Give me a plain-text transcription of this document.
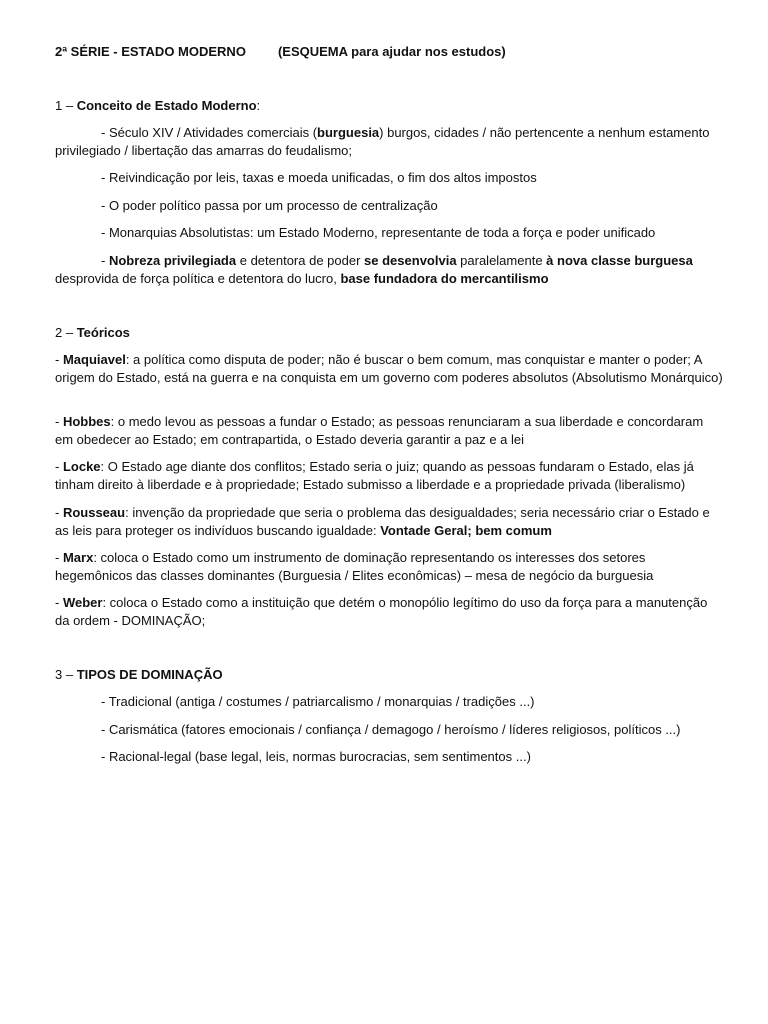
2ª SÉRIE - ESTADO MODERNO (ESQUEMA para ajudar nos estudos)

1 – Conceito de Estado Moderno:

- Século XIV / Atividades comerciais (burguesia) burgos, cidades / não pertencente a nenhum estamento privilegiado / libertação das amarras do feudalismo;

- Reivindicação por leis, taxas e moeda unificadas, o fim dos altos impostos

- O poder político passa por um processo de centralização

- Monarquias Absolutistas: um Estado Moderno, representante de toda a força e poder unificado

- Nobreza privilegiada e detentora de poder se desenvolvia paralelamente à nova classe burguesa desprovida de força política e detentora do lucro, base fundadora do mercantilismo

2 – Teóricos

- Maquiavel: a política como disputa de poder; não é buscar o bem comum, mas conquistar e manter o poder; A origem do Estado, está na guerra e na conquista em um governo com poderes absolutos (Absolutismo Monárquico)

- Hobbes: o medo levou as pessoas a fundar o Estado; as pessoas renunciaram a sua liberdade e concordaram em obedecer ao Estado; em contrapartida, o Estado deveria garantir a paz e a lei

- Locke: O Estado age diante dos conflitos; Estado seria o juiz; quando as pessoas fundaram o Estado, elas já tinham direito à liberdade e à propriedade; Estado submisso a liberdade e a propriedade privada (liberalismo)

- Rousseau: invenção da propriedade que seria o problema das desigualdades; seria necessário criar o Estado e as leis para proteger os indivíduos buscando igualdade: Vontade Geral; bem comum

- Marx: coloca o Estado como um instrumento de dominação representando os interesses dos setores hegemônicos das classes dominantes (Burguesia / Elites econômicas) – mesa de negócio da burguesia

- Weber: coloca o Estado como a instituição que detém o monopólio legítimo do uso da força para a manutenção da ordem - DOMINAÇÃO;

3 – TIPOS DE DOMINAÇÃO

- Tradicional (antiga / costumes / patriarcalismo / monarquias / tradições ...)

- Carismática (fatores emocionais / confiança / demagogo / heroísmo / líderes religiosos, políticos ...)

- Racional-legal (base legal, leis, normas burocracias, sem sentimentos ...)
